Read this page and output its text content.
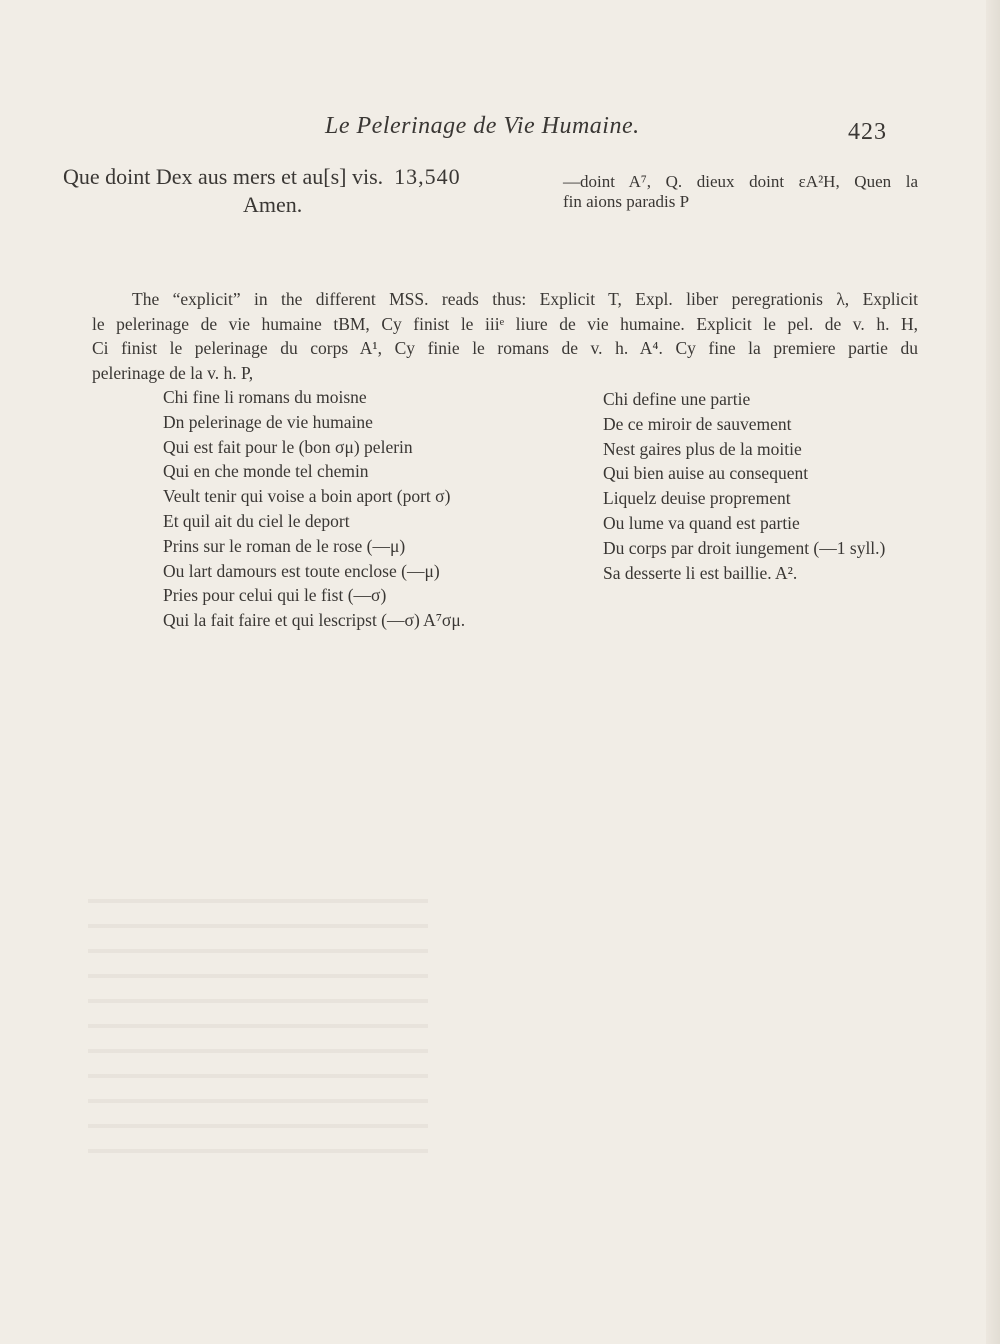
Le Pelerinage de Vie Humaine.	423
Que doint Dex aus mers et au[s] vis. 13,540
Amen.
—doint A⁷, Q. dieux doint εA²H, Quen la
fin aions paradis P
The “explicit” in the different MSS. reads thus: Explicit T, Expl. liber peregrationis λ, Explicit
le pelerinage de vie humaine tBM, Cy finist le iiiᵉ liure de vie humaine. Explicit le pel. de v. h. H,
Ci finist le pelerinage du corps A¹, Cy finie le romans de v. h. A⁴. Cy fine la premiere partie du
pelerinage de la v. h. P,
Chi fine li romans du moisne
Dn pelerinage de vie humaine
Qui est fait pour le (bon σμ) pelerin
Qui en che monde tel chemin
Veult tenir qui voise a boin aport (port σ)
Et quil ait du ciel le deport
Prins sur le roman de le rose (—μ)
Ou lart damours est toute enclose (—μ)
Pries pour celui qui le fist (—σ)
Qui la fait faire et qui lescripst (—σ) A⁷σμ.
Chi define une partie
De ce miroir de sauvement
Nest gaires plus de la moitie
Qui bien auise au consequent
Liquelz deuise proprement
Ou lume va quand est partie
Du corps par droit iungement (—1 syll.)
Sa desserte li est baillie. A².
